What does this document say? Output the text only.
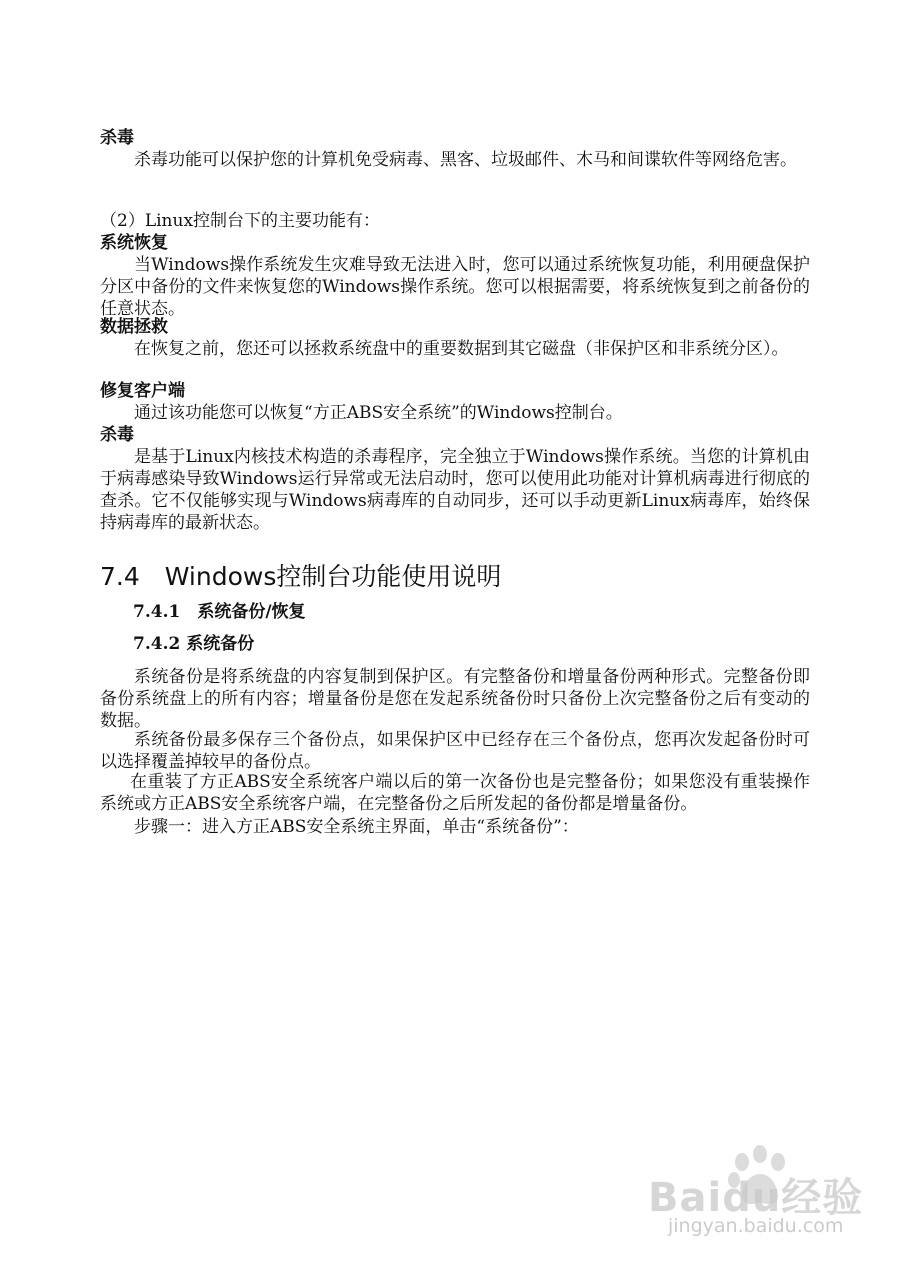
杀毒

杀毒功能可以保护您的计算机免受病毒、黑客、垃圾邮件、木马和间谍软件等网络危害。

（2）Linux控制台下的主要功能有：

系统恢复

当Windows操作系统发生灾难导致无法进入时，您可以通过系统恢复功能，利用硬盘保护分区中备份的文件来恢复您的Windows操作系统。您可以根据需要，将系统恢复到之前备份的任意状态。

数据拯救

在恢复之前，您还可以拯救系统盘中的重要数据到其它磁盘（非保护区和非系统分区）。

修复客户端

通过该功能您可以恢复“方正ABS安全系统”的Windows控制台。

杀毒

是基于Linux内核技术构造的杀毒程序，完全独立于Windows操作系统。当您的计算机由于病毒感染导致Windows运行异常或无法启动时，您可以使用此功能对计算机病毒进行彻底的查杀。它不仅能够实现与Windows病毒库的自动同步，还可以手动更新Linux病毒库，始终保持病毒库的最新状态。

7.4　Windows控制台功能使用说明
7.4.1　系统备份/恢复
7.4.2 系统备份

系统备份是将系统盘的内容复制到保护区。有完整备份和增量备份两种形式。完整备份即备份系统盘上的所有内容；增量备份是您在发起系统备份时只备份上次完整备份之后有变动的数据。

系统备份最多保存三个备份点，如果保护区中已经存在三个备份点，您再次发起备份时可以选择覆盖掉较早的备份点。

在重装了方正ABS安全系统客户端以后的第一次备份也是完整备份；如果您没有重装操作系统或方正ABS安全系统客户端，在完整备份之后所发起的备份都是增量备份。

步骤一：进入方正ABS安全系统主界面，单击“系统备份”：

Baidu经验
jingyan.baidu.com
